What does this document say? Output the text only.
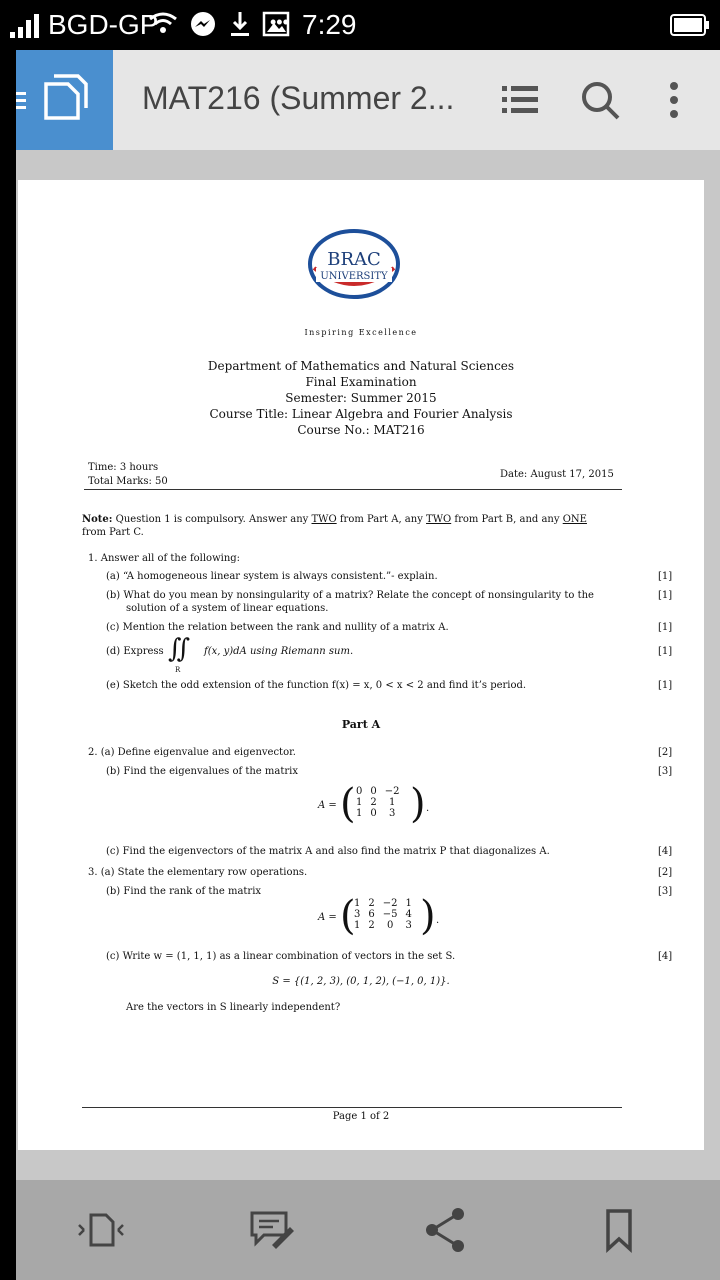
BGD-GP	••• 7:29
MAT216 (Summer 2...
BRAC
UNIVERSITY
Inspiring Excellence
Department of Mathematics and Natural Sciences
Final Examination
Semester: Summer 2015
Course Title: Linear Algebra and Fourier Analysis
Course No.: MAT216
Time: 3 hours
Total Marks: 50
Date: August 17, 2015
Note: Question 1 is compulsory. Answer any TWO from Part A, any TWO from Part B, and any ONE
from Part C.
1. Answer all of the following:
(a) “A homogeneous linear system is always consistent.”- explain.	[1]
(b) What do you mean by nonsingularity of a matrix? Relate the concept of nonsingularity to the
solution of a system of linear equations.
[1]
(c) Mention the relation between the rank and nullity of a matrix A.	[1]
(d) Express ∬
R
f(x, y)dA using Riemann sum.	[1]
(e) Sketch the odd extension of the function f(x) = x, 0 < x < 2 and find it’s period.	[1]
Part A
2. (a) Define eigenvalue and eigenvector.	[2]
(b) Find the eigenvalues of the matrix	[3]
A = ( 0	0	−2
1	2	1
1	0	3 ) .
(c) Find the eigenvectors of the matrix A and also find the matrix P that diagonalizes A.	[4]
3. (a) State the elementary row operations.	[2]
(b) Find the rank of the matrix	[3]
A = (
1	2	−2	1
3	6	−5	4
1	2	0	3 ) .
(c) Write w = (1, 1, 1) as a linear combination of vectors in the set S.	[4]
S = {(1, 2, 3), (0, 1, 2), (−1, 0, 1)}.
Are the vectors in S linearly independent?
Page 1 of 2
